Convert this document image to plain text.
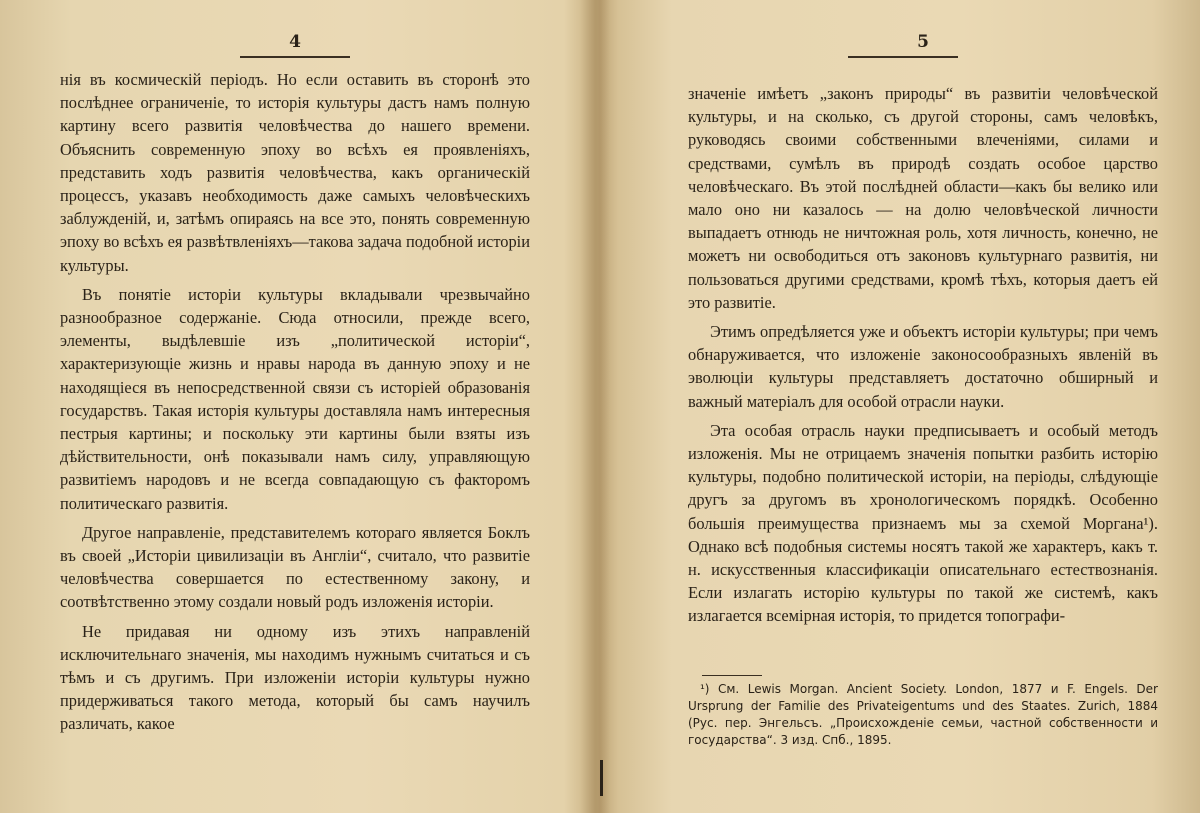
4

нія въ космическій періодъ. Но если оставить въ сторонѣ это послѣднее ограниченіе, то исторія культуры дастъ намъ полную картину всего развитія человѣчества до нашего времени. Объяснить современную эпоху во всѣхъ ея проявленіяхъ, представить ходъ развитія человѣчества, какъ органическій процессъ, указавъ необходимость даже самыхъ человѣческихъ заблужденій, и, затѣмъ опираясь на все это, понять современную эпоху во всѣхъ ея развѣтвленіяхъ—такова задача подобной исторіи культуры.

Въ понятіе исторіи культуры вкладывали чрезвычайно разнообразное содержаніе. Сюда относили, прежде всего, элементы, выдѣлевшіе изъ „политической исторіи“, характеризующіе жизнь и нравы народа въ данную эпоху и не находящіеся въ непосредственной связи съ исторіей образованія государствъ. Такая исторія культуры доставляла намъ интересныя пестрыя картины; и поскольку эти картины были взяты изъ дѣйствительности, онѣ показывали намъ силу, управляющую развитіемъ народовъ и не всегда совпадающую съ факторомъ политическаго развитія.

Другое направленіе, представителемъ котораго является Боклъ въ своей „Исторіи цивилизаціи въ Англіи“, считало, что развитіе человѣчества совершается по естественному закону, и соотвѣтственно этому создали новый родъ изложенія исторіи.

Не придавая ни одному изъ этихъ направленій исключительнаго значенія, мы находимъ нужнымъ считаться и съ тѣмъ и съ другимъ. При изложеніи исторіи культуры нужно придерживаться такого метода, который бы самъ научилъ различать, какое

5

значеніе имѣетъ „законъ природы“ въ развитіи человѣческой культуры, и на сколько, съ другой стороны, самъ человѣкъ, руководясь своими собственными влеченіями, силами и средствами, сумѣлъ въ природѣ создать особое царство человѣческаго. Въ этой послѣдней области—какъ бы велико или мало оно ни казалось — на долю человѣческой личности выпадаетъ отнюдь не ничтожная роль, хотя личность, конечно, не можетъ ни освободиться отъ законовъ культурнаго развитія, ни пользоваться другими средствами, кромѣ тѣхъ, которыя даетъ ей это развитіе.

Этимъ опредѣляется уже и объектъ исторіи культуры; при чемъ обнаруживается, что изложеніе законосообразныхъ явленій въ эволюціи культуры представляетъ достаточно обширный и важный матеріалъ для особой отрасли науки.

Эта особая отрасль науки предписываетъ и особый методъ изложенія. Мы не отрицаемъ значенія попытки разбить исторію культуры, подобно политической исторіи, на періоды, слѣдующіе другъ за другомъ въ хронологическомъ порядкѣ. Особенно большія преимущества признаемъ мы за схемой Моргана¹). Однако всѣ подобныя системы носятъ такой же характеръ, какъ т. н. искусственныя классификаціи описательнаго естествознанія. Если излагать исторію культуры по такой же системѣ, какъ излагается всемірная исторія, то придется топографи-

¹) См. Lewis Morgan. Ancient Society. London, 1877 и F. Engels. Der Ursprung der Familie des Privateigentums und des Staates. Zurich, 1884 (Рус. пер. Энгельсъ. „Происхожденіе семьи, частной собственности и государства“. 3 изд. Спб., 1895.
